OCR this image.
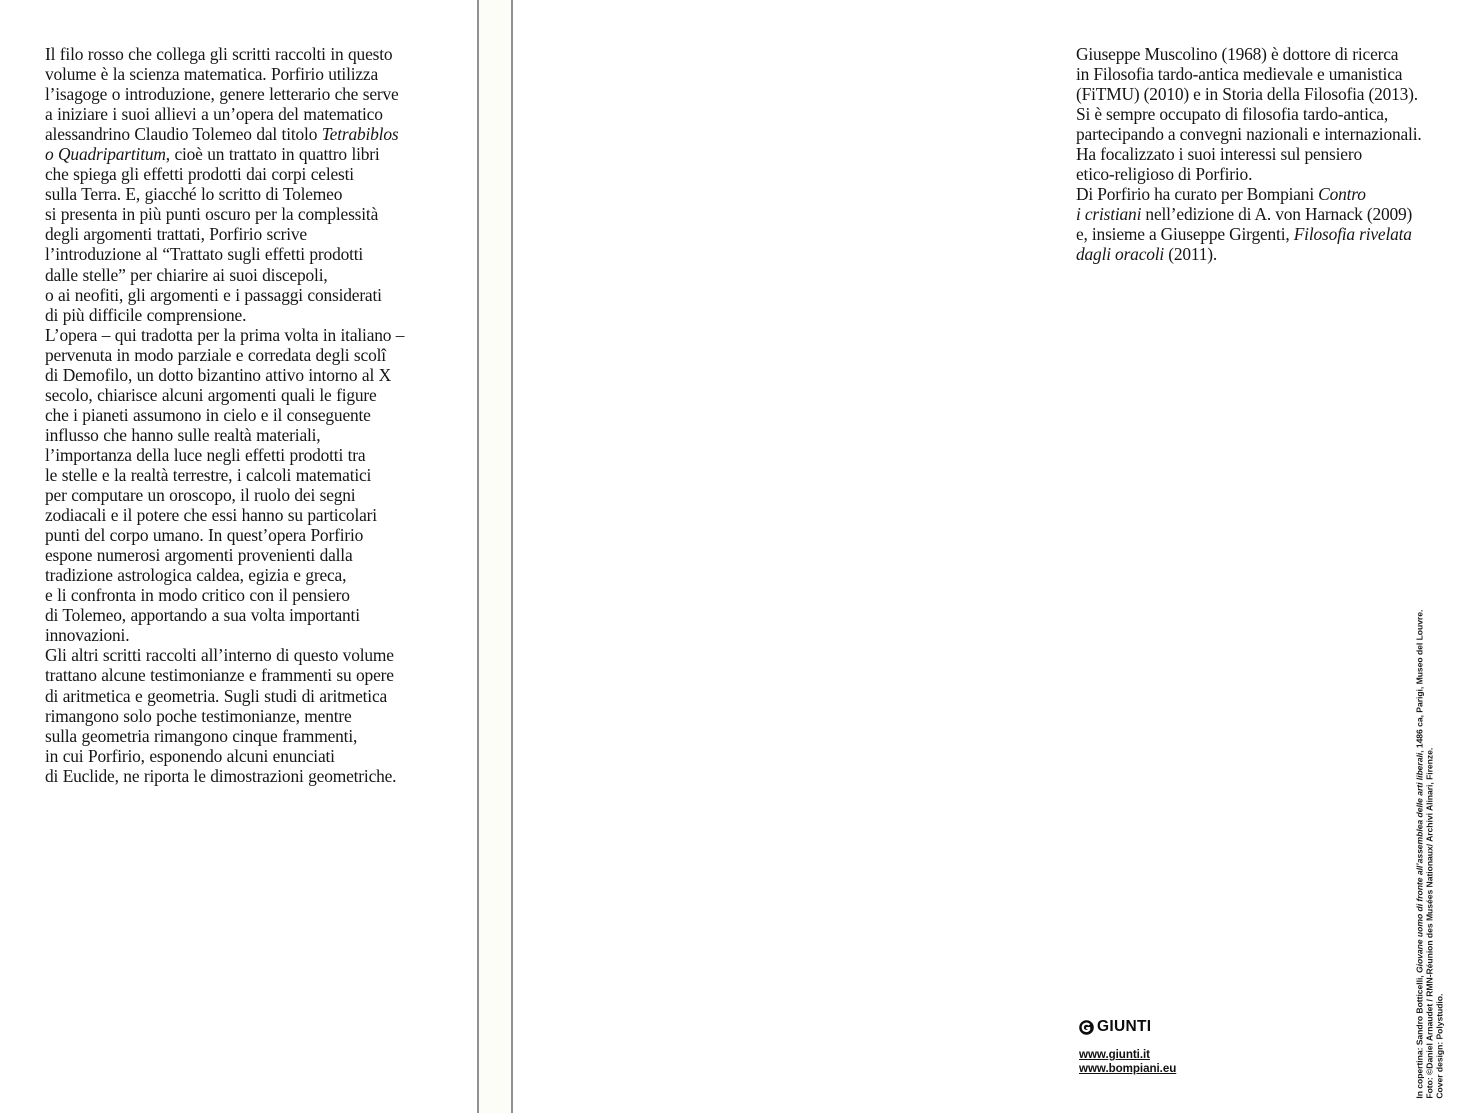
Il filo rosso che collega gli scritti raccolti in questo
volume è la scienza matematica. Porfirio utilizza
l’isagoge o introduzione, genere letterario che serve
a iniziare i suoi allievi a un’opera del matematico
alessandrino Claudio Tolemeo dal titolo Tetrabiblos
o Quadripartitum, cioè un trattato in quattro libri
che spiega gli effetti prodotti dai corpi celesti
sulla Terra. E, giacché lo scritto di Tolemeo
si presenta in più punti oscuro per la complessità
degli argomenti trattati, Porfirio scrive
l’introduzione al “Trattato sugli effetti prodotti
dalle stelle” per chiarire ai suoi discepoli,
o ai neofiti, gli argomenti e i passaggi considerati
di più difficile comprensione.
L’opera – qui tradotta per la prima volta in italiano –
pervenuta in modo parziale e corredata degli scolî
di Demofilo, un dotto bizantino attivo intorno al X
secolo, chiarisce alcuni argomenti quali le figure
che i pianeti assumono in cielo e il conseguente
influsso che hanno sulle realtà materiali,
l’importanza della luce negli effetti prodotti tra
le stelle e la realtà terrestre, i calcoli matematici
per computare un oroscopo, il ruolo dei segni
zodiacali e il potere che essi hanno su particolari
punti del corpo umano. In quest’opera Porfirio
espone numerosi argomenti provenienti dalla
tradizione astrologica caldea, egizia e greca,
e li confronta in modo critico con il pensiero
di Tolemeo, apportando a sua volta importanti
innovazioni.
Gli altri scritti raccolti all’interno di questo volume
trattano alcune testimonianze e frammenti su opere
di aritmetica e geometria. Sugli studi di aritmetica
rimangono solo poche testimonianze, mentre
sulla geometria rimangono cinque frammenti,
in cui Porfirio, esponendo alcuni enunciati
di Euclide, ne riporta le dimostrazioni geometriche.
Giuseppe Muscolino (1968) è dottore di ricerca
in Filosofia tardo-antica medievale e umanistica
(FiTMU) (2010) e in Storia della Filosofia (2013).
Si è sempre occupato di filosofia tardo-antica,
partecipando a convegni nazionali e internazionali.
Ha focalizzato i suoi interessi sul pensiero
etico-religioso di Porfirio.
Di Porfirio ha curato per Bompiani Contro
i cristiani nell’edizione di A. von Harnack (2009)
e, insieme a Giuseppe Girgenti, Filosofia rivelata
dagli oracoli (2011).
GIUNTI
www.giunti.it
www.bompiani.eu	In copertina: Sandro Botticelli, Giovane uomo di fronte all’assemblea delle arti liberali, 1486 ca, Parigi, Museo del Louvre.
Foto: ©Daniel Arnaudet / RMN-Réunion des Musées Nationaux/ Archivi Alinari, Firenze. Cover design: Polystudio.
